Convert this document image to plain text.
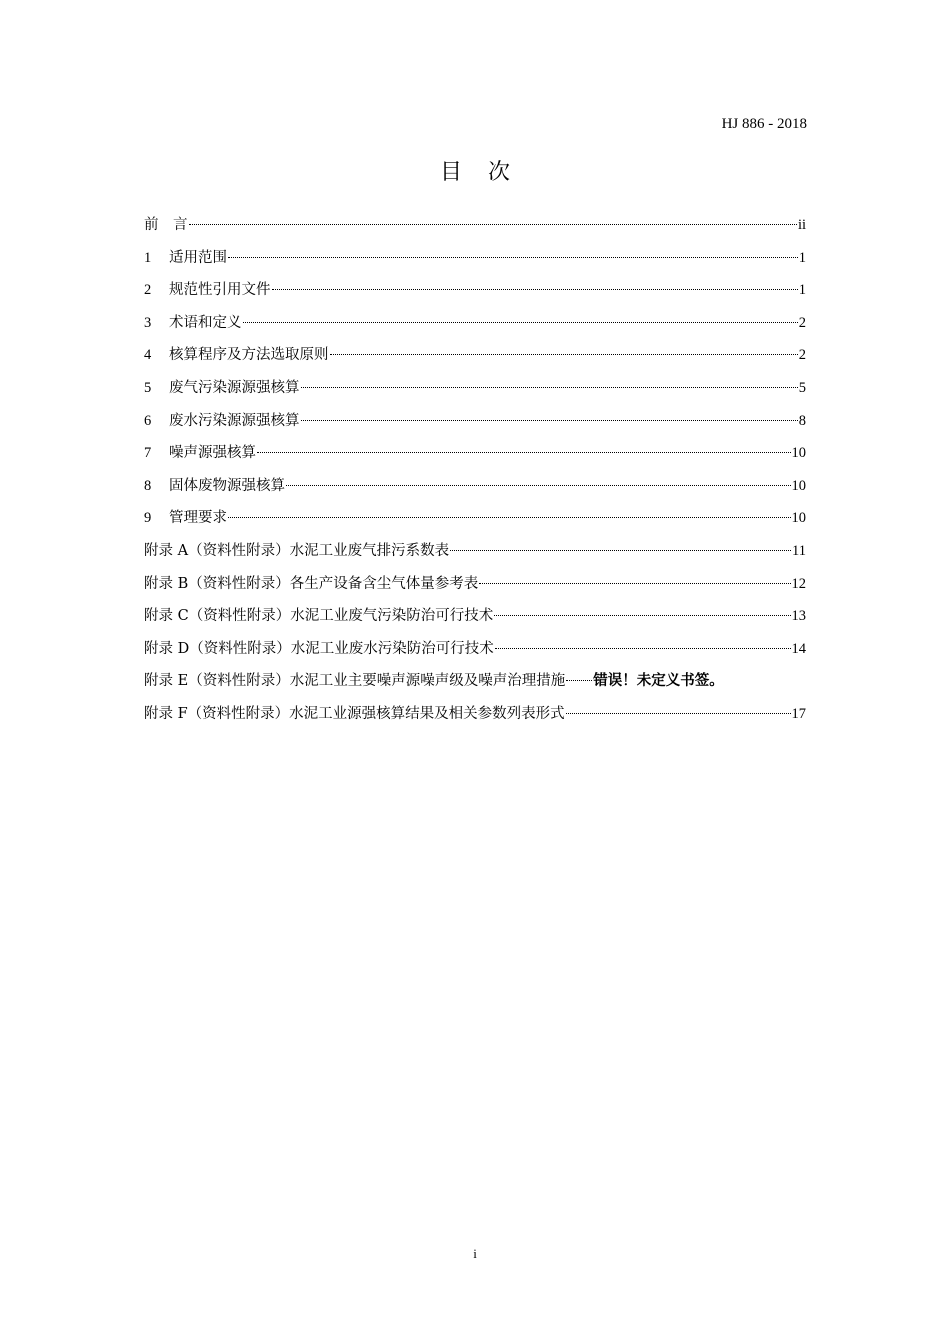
HJ 886 - 2018
目次
前　言	ii
1	适用范围	1
2	规范性引用文件	1
3	术语和定义	2
4	核算程序及方法选取原则	2
5	废气污染源源强核算	5
6	废水污染源源强核算	8
7	噪声源强核算	10
8	固体废物源强核算	10
9	管理要求	10
附录 A（资料性附录）水泥工业废气排污系数表	11
附录 B（资料性附录）各生产设备含尘气体量参考表	12
附录 C（资料性附录）水泥工业废气污染防治可行技术	13
附录 D（资料性附录）水泥工业废水污染防治可行技术	14
附录 E（资料性附录）水泥工业主要噪声源噪声级及噪声治理措施 错误！未定义书签。
附录 F（资料性附录）水泥工业源强核算结果及相关参数列表形式	17
i
